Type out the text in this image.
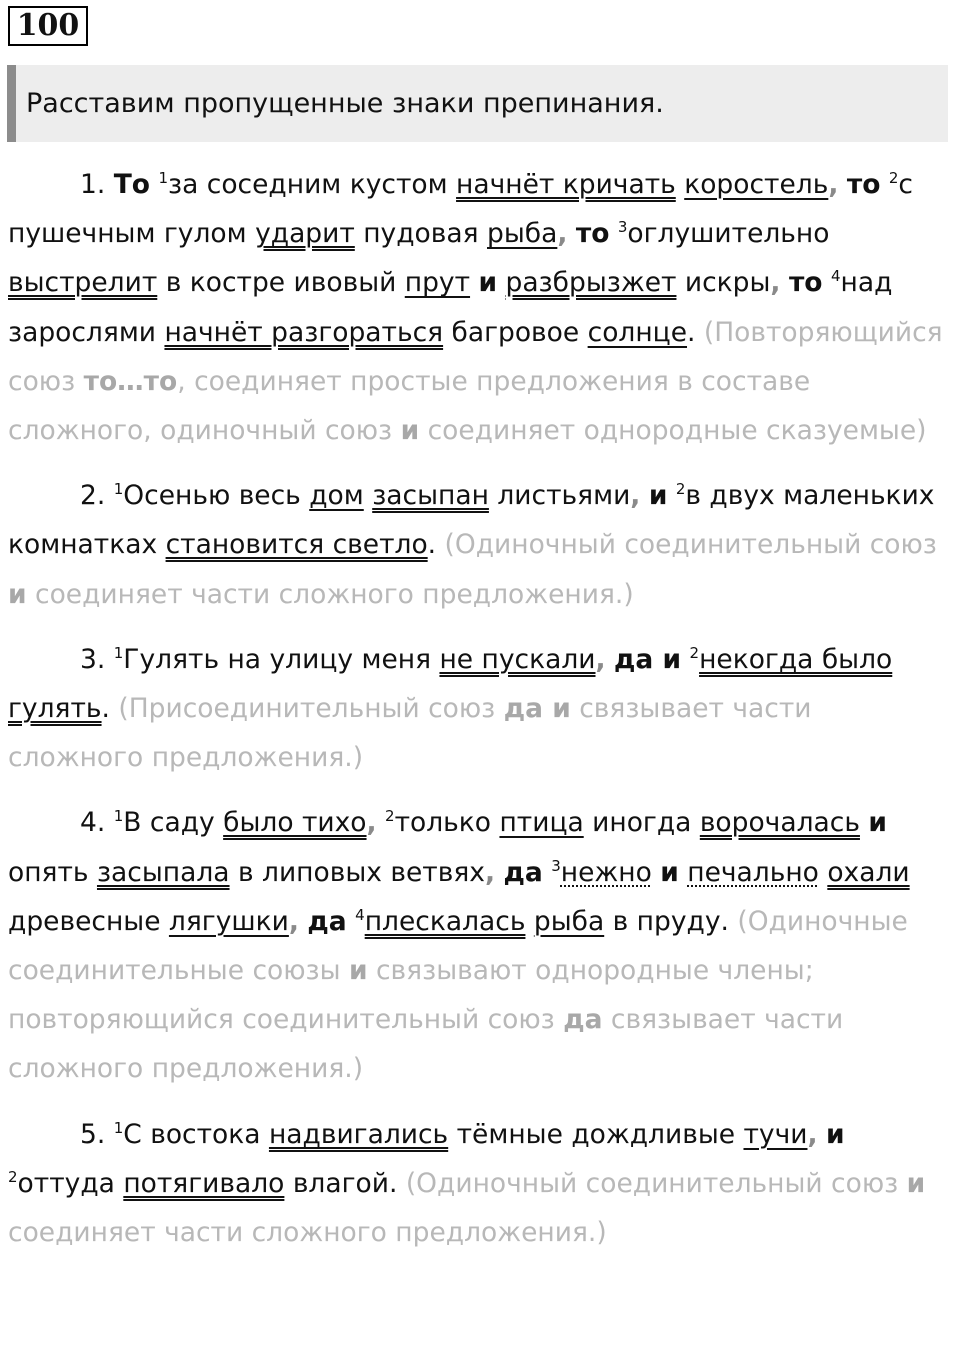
100
Расставим пропущенные знаки препинания.

1. То $^1$за соседним кустом начнёт кричать коростель, то $^2$с пушечным гулом ударит пудовая рыба, то $^3$оглушительно выстрелит в костре ивовый прут и разбрызжет искры, то $^4$над зарослями начнёт разгораться багровое солнце. (Повторяющийся союз то…то, соединяет простые предложения в составе сложного, одиночный союз и соединяет однородные сказуемые)

2. $^1$Осенью весь дом засыпан листьями, и $^2$в двух маленьких комнатках становится светло. (Одиночный соединительный союз и соединяет части сложного предложения.)

3. $^1$Гулять на улицу меня не пускали, да и $^2$некогда было гулять. (Присоединительный союз да и связывает части сложного предложения.)

4. $^1$В саду было тихо, $^2$только птица иногда ворочалась и опять засыпала в липовых ветвях, да $^3$нежно и печально охали древесные лягушки, да $^4$плескалась рыба в пруду. (Одиночные соединительные союзы и связывают однородные члены; повторяющийся соединительный союз да связывает части сложного предложения.)

5. $^1$С востока надвигались тёмные дождливые тучи, и $^2$оттуда потягивало влагой. (Одиночный соединительный союз и соединяет части сложного предложения.)
